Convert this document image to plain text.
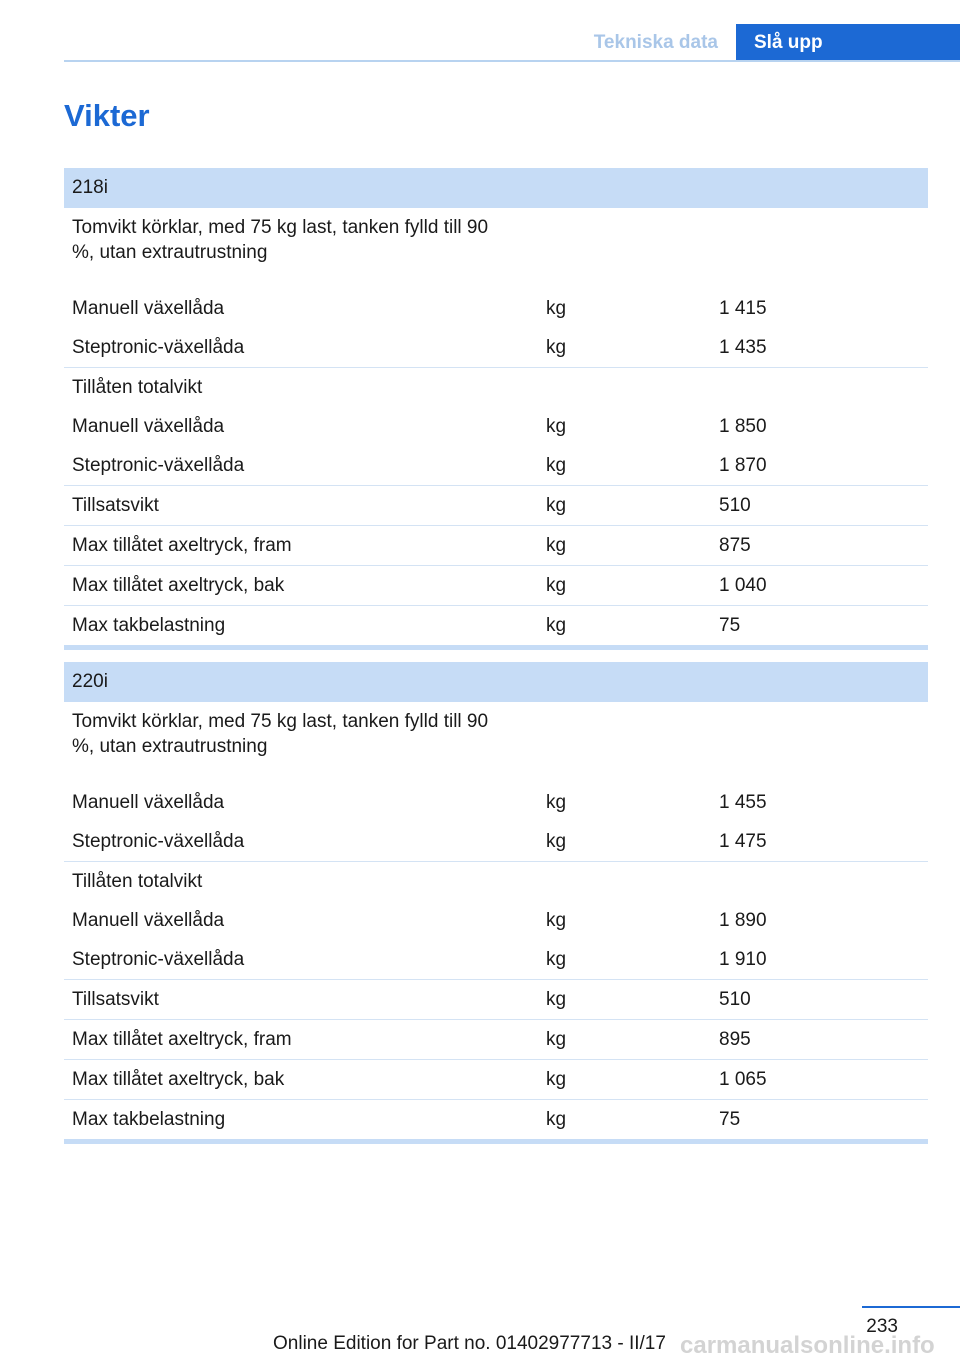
Tekniska data	Slå upp
Vikter
218i
Tomvikt körklar, med 75 kg last, tanken fylld till 90 %, utan extrautrustning
Manuell växellåda	kg	1 415
Steptronic-växellåda	kg	1 435
Tillåten totalvikt
Manuell växellåda	kg	1 850
Steptronic-växellåda	kg	1 870
Tillsatsvikt	kg	510
Max tillåtet axeltryck, fram	kg	875
Max tillåtet axeltryck, bak	kg	1 040
Max takbelastning	kg	75
220i
Tomvikt körklar, med 75 kg last, tanken fylld till 90 %, utan extrautrustning
Manuell växellåda	kg	1 455
Steptronic-växellåda	kg	1 475
Tillåten totalvikt
Manuell växellåda	kg	1 890
Steptronic-växellåda	kg	1 910
Tillsatsvikt	kg	510
Max tillåtet axeltryck, fram	kg	895
Max tillåtet axeltryck, bak	kg	1 065
Max takbelastning	kg	75
233
Online Edition for Part no. 01402977713 - II/17 carmanualsonline.info
